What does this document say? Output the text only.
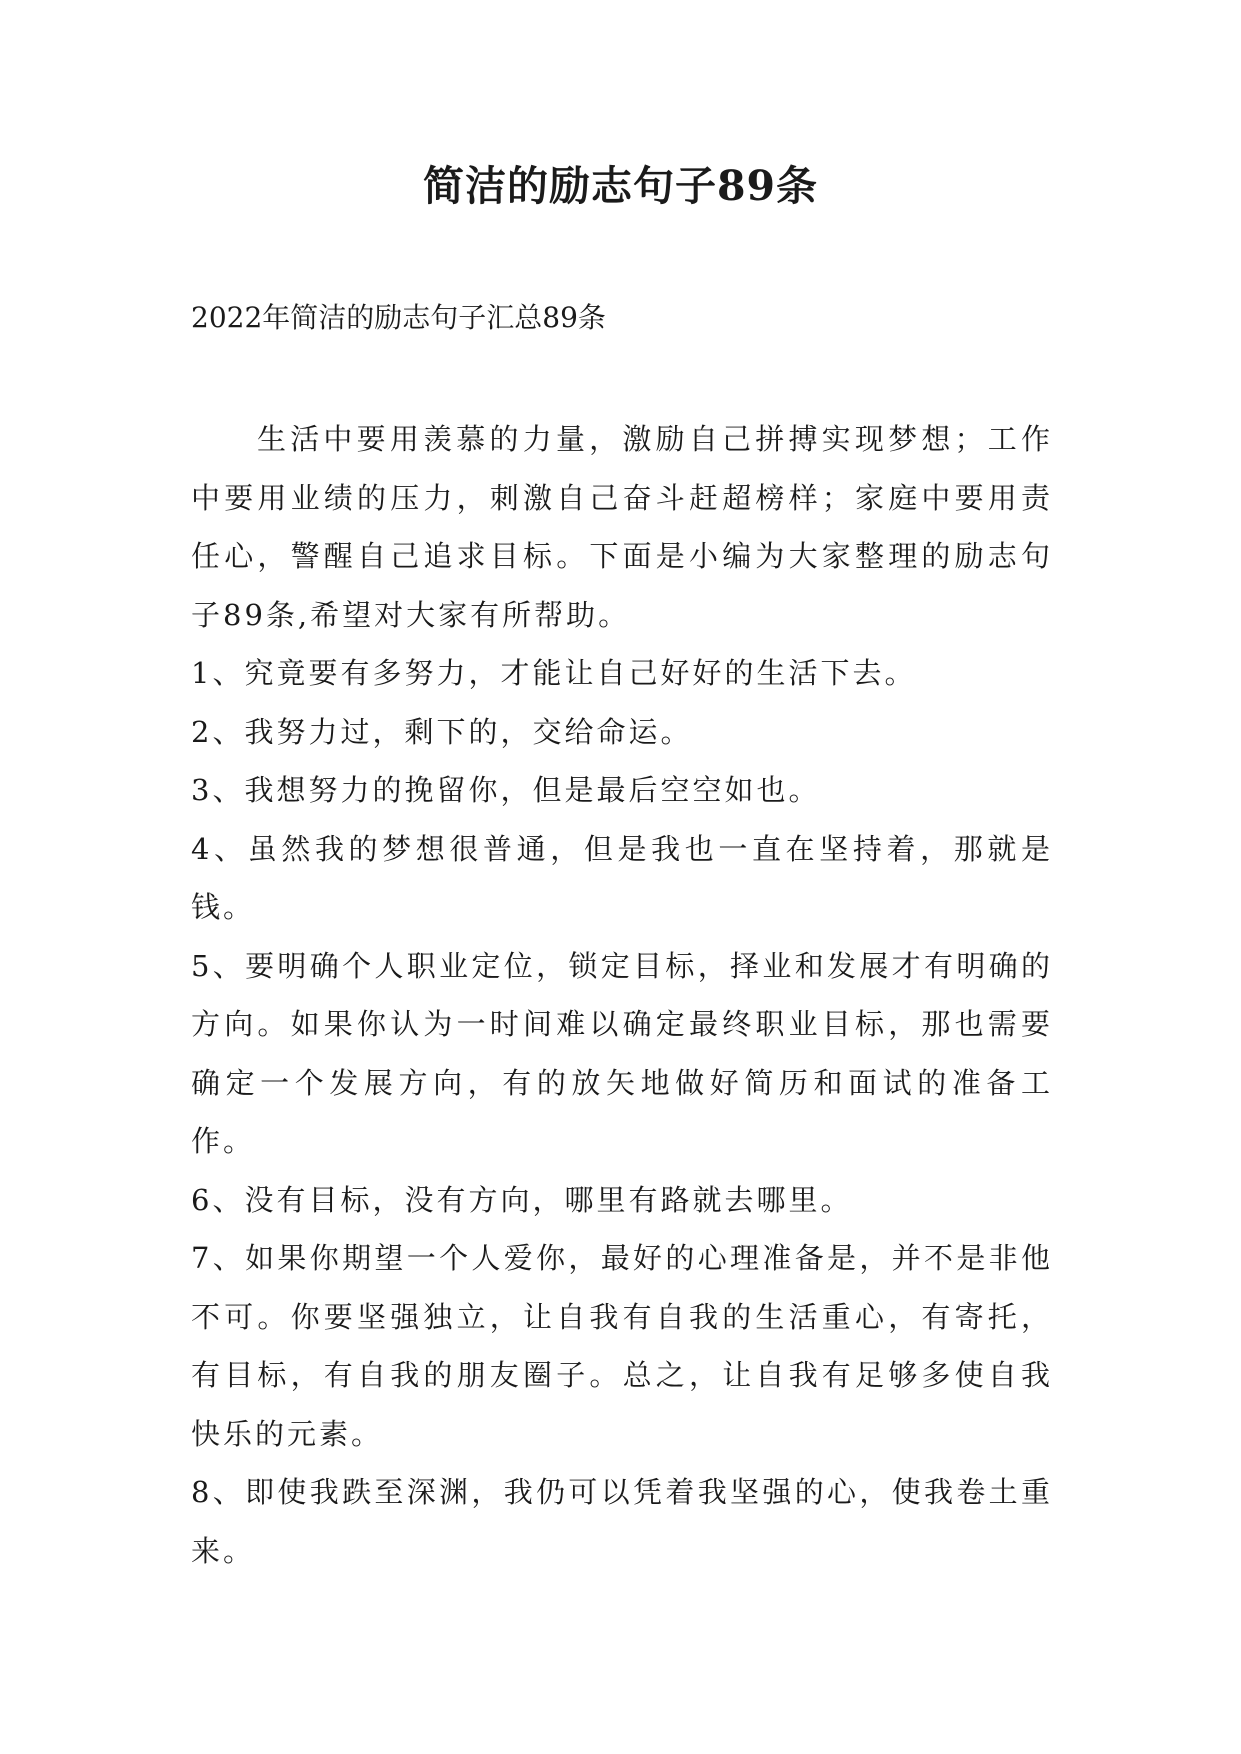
简洁的励志句子89条

2022年简洁的励志句子汇总89条

生活中要用羡慕的力量，激励自己拼搏实现梦想；工作中要用业绩的压力，刺激自己奋斗赶超榜样；家庭中要用责任心，警醒自己追求目标。下面是小编为大家整理的励志句子89条,希望对大家有所帮助。

1、究竟要有多努力，才能让自己好好的生活下去。

2、我努力过，剩下的，交给命运。

3、我想努力的挽留你，但是最后空空如也。

4、虽然我的梦想很普通，但是我也一直在坚持着，那就是钱。

5、要明确个人职业定位，锁定目标，择业和发展才有明确的方向。如果你认为一时间难以确定最终职业目标，那也需要确定一个发展方向，有的放矢地做好简历和面试的准备工作。

6、没有目标，没有方向，哪里有路就去哪里。

7、如果你期望一个人爱你，最好的心理准备是，并不是非他不可。你要坚强独立，让自我有自我的生活重心，有寄托，有目标，有自我的朋友圈子。总之，让自我有足够多使自我快乐的元素。

8、即使我跌至深渊，我仍可以凭着我坚强的心，使我卷土重来。
